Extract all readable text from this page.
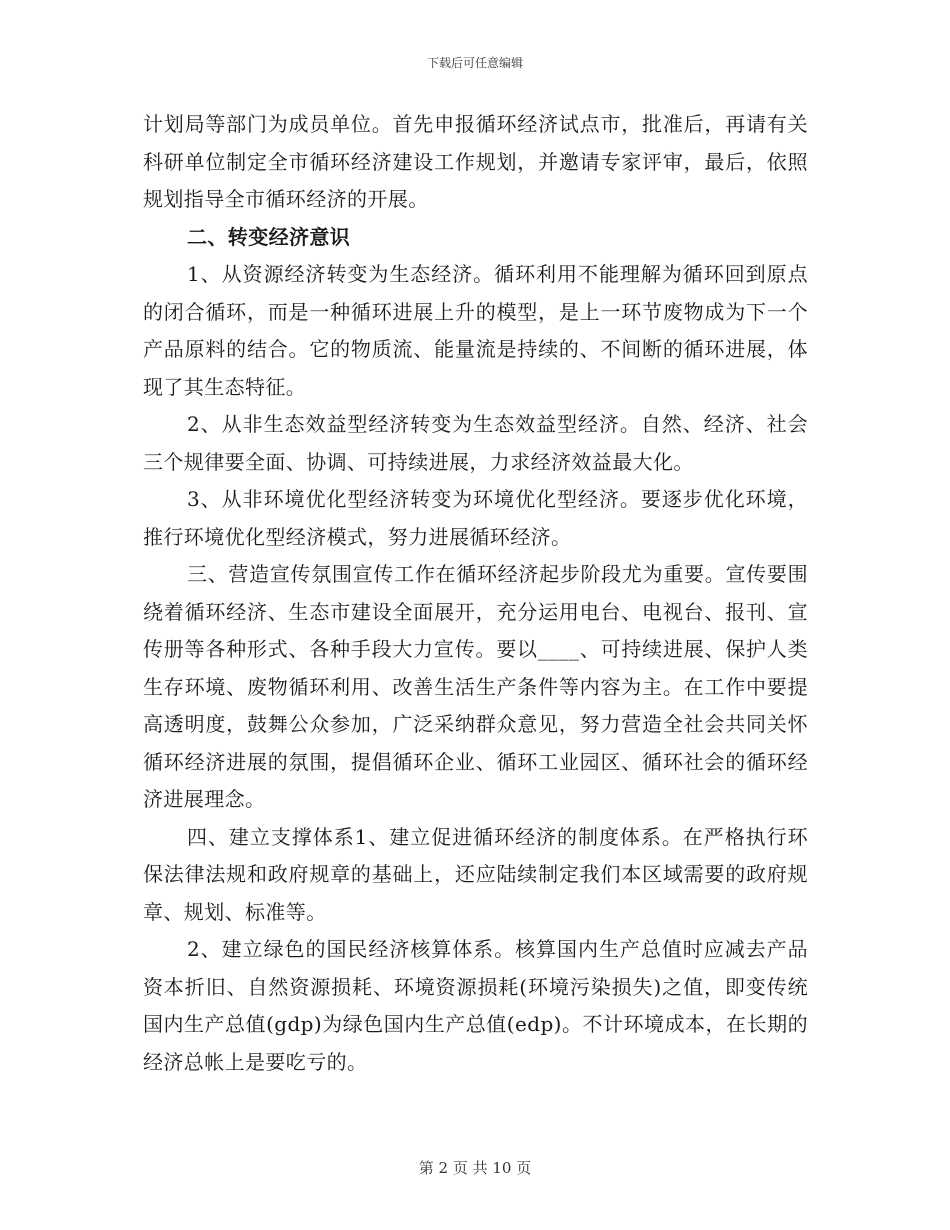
下载后可任意编辑

计划局等部门为成员单位。首先申报循环经济试点市，批准后，再请有关科研单位制定全市循环经济建设工作规划，并邀请专家评审，最后，依照规划指导全市循环经济的开展。

二、转变经济意识

1、从资源经济转变为生态经济。循环利用不能理解为循环回到原点的闭合循环，而是一种循环进展上升的模型，是上一环节废物成为下一个产品原料的结合。它的物质流、能量流是持续的、不间断的循环进展，体现了其生态特征。

2、从非生态效益型经济转变为生态效益型经济。自然、经济、社会三个规律要全面、协调、可持续进展，力求经济效益最大化。

3、从非环境优化型经济转变为环境优化型经济。要逐步优化环境，推行环境优化型经济模式，努力进展循环经济。

三、营造宣传氛围宣传工作在循环经济起步阶段尤为重要。宣传要围绕着循环经济、生态市建设全面展开，充分运用电台、电视台、报刊、宣传册等各种形式、各种手段大力宣传。要以____、可持续进展、保护人类生存环境、废物循环利用、改善生活生产条件等内容为主。在工作中要提高透明度，鼓舞公众参加，广泛采纳群众意见，努力营造全社会共同关怀循环经济进展的氛围，提倡循环企业、循环工业园区、循环社会的循环经济进展理念。

四、建立支撑体系1、建立促进循环经济的制度体系。在严格执行环保法律法规和政府规章的基础上，还应陆续制定我们本区域需要的政府规章、规划、标准等。

2、建立绿色的国民经济核算体系。核算国内生产总值时应减去产品资本折旧、自然资源损耗、环境资源损耗(环境污染损失)之值，即变传统国内生产总值(gdp)为绿色国内生产总值(edp)。不计环境成本，在长期的经济总帐上是要吃亏的。

第 2 页 共 10 页
